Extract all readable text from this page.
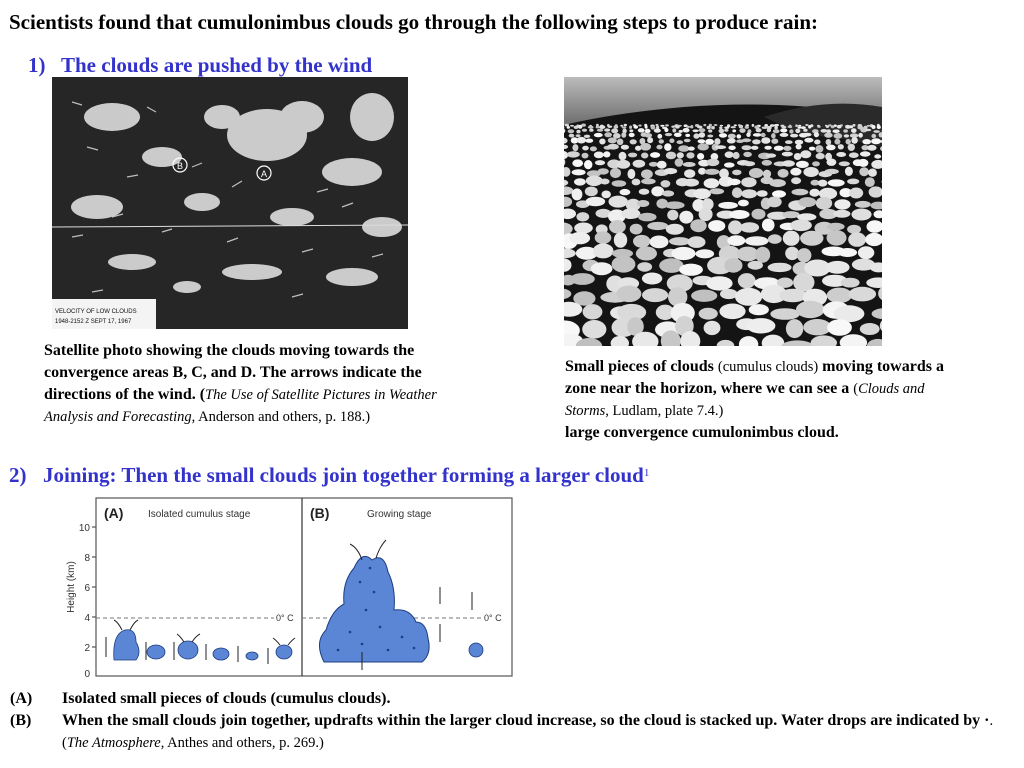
Scientists found that cumulonimbus clouds go through the following steps to produce rain:
1) The clouds are pushed by the wind
B
A
VELOCITY OF LOW CLOUDS
1948-2152 Z SEPT 17, 1967
Satellite photo showing the clouds moving towards the convergence areas B, C, and D. The arrows indicate the directions of the wind. (The Use of Satellite Pictures in Weather Analysis and Forecasting, Anderson and others, p. 188.)
Small pieces of clouds (cumulus clouds) moving towards a zone near the horizon, where we can see a (Clouds and Storms, Ludlam, plate 7.4.)
large convergence cumulonimbus cloud.
2) Joining: Then the small clouds join together forming a larger cloud$^1$
Height (km)
10
8
6
4
2
0
(A) Isolated cumulus stage	(B)	Growing stage
0° C	0° C
(A)	Isolated small pieces of clouds (cumulus clouds).
(B)	When the small clouds join together, updrafts within the larger cloud increase, so the cloud is stacked up. Water drops are indicated by ·. (The Atmosphere, Anthes and others, p. 269.)
